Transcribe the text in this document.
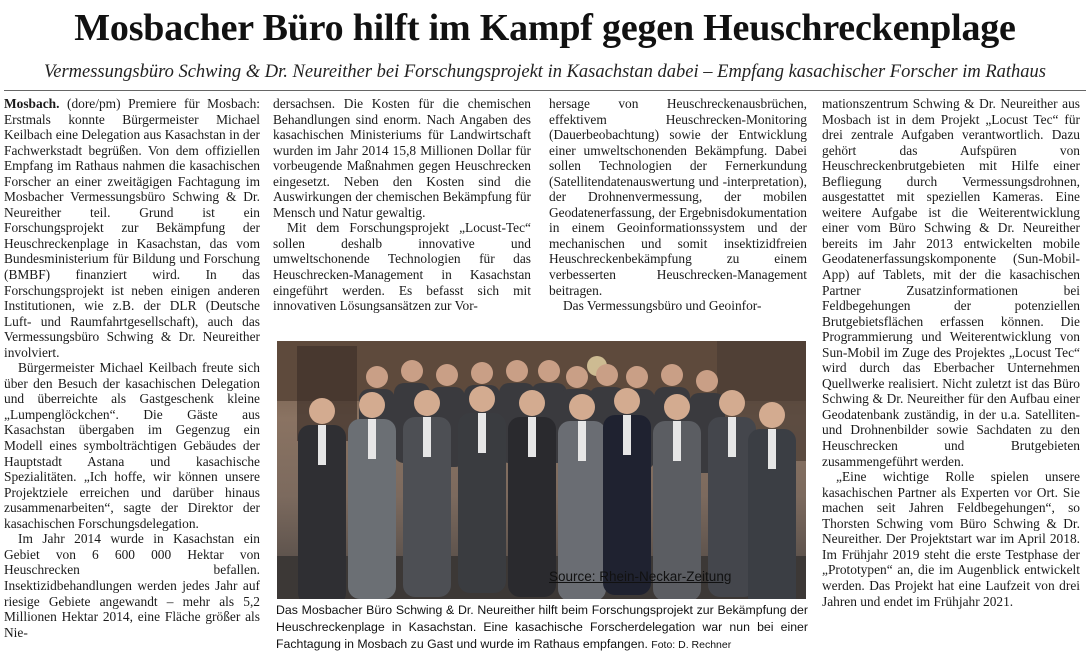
Mosbacher Büro hilft im Kampf gegen Heuschreckenplage
Vermessungsbüro Schwing & Dr. Neureither bei Forschungsprojekt in Kasachstan dabei – Empfang kasachischer Forscher im Rathaus

Mosbach. (dore/pm) Premiere für Mosbach: Erstmals konnte Bürgermeister Michael Keilbach eine Delegation aus Kasachstan in der Fachwerkstadt begrüßen. Von dem offiziellen Empfang im Rathaus nahmen die kasachischen Forscher an einer zweitägigen Fachtagung im Mosbacher Vermessungsbüro Schwing & Dr. Neureither teil. Grund ist ein Forschungsprojekt zur Bekämpfung der Heuschreckenplage in Kasachstan, das vom Bundesministerium für Bildung und Forschung (BMBF) finanziert wird. In das Forschungsprojekt ist neben einigen anderen Institutionen, wie z.B. der DLR (Deutsche Luft- und Raumfahrtgesellschaft), auch das Vermessungsbüro Schwing & Dr. Neureither involviert.

Bürgermeister Michael Keilbach freute sich über den Besuch der kasachischen Delegation und überreichte als Gastgeschenk kleine „Lumpenglöckchen“. Die Gäste aus Kasachstan übergaben im Gegenzug ein Modell eines symbolträchtigen Gebäudes der Hauptstadt Astana und kasachische Spezialitäten. „Ich hoffe, wir können unsere Projektziele erreichen und darüber hinaus zusammenarbeiten“, sagte der Direktor der kasachischen Forschungsdelegation.

Im Jahr 2014 wurde in Kasachstan ein Gebiet von 6 600 000 Hektar von Heuschrecken befallen. Insektizidbehandlungen werden jedes Jahr auf riesige Gebiete angewandt – mehr als 5,2 Millionen Hektar 2014, eine Fläche größer als Nie-

dersachsen. Die Kosten für die chemischen Behandlungen sind enorm. Nach Angaben des kasachischen Ministeriums für Landwirtschaft wurden im Jahr 2014 15,8 Millionen Dollar für vorbeugende Maßnahmen gegen Heuschrecken eingesetzt. Neben den Kosten sind die Auswirkungen der chemischen Bekämpfung für Mensch und Natur gewaltig.

Mit dem Forschungsprojekt „Locust-Tec“ sollen deshalb innovative und umweltschonende Technologien für das Heuschrecken-Management in Kasachstan eingeführt werden. Es befasst sich mit innovativen Lösungsansätzen zur Vor-

hersage von Heuschreckenausbrüchen, effektivem Heuschrecken-Monitoring (Dauerbeobachtung) sowie der Entwicklung einer umweltschonenden Bekämpfung. Dabei sollen Technologien der Fernerkundung (Satellitendatenauswertung und -interpretation), der Drohnenvermessung, der mobilen Geodatenerfassung, der Ergebnisdokumentation in einem Geoinformationssystem und der mechanischen und somit insektizidfreien Heuschreckenbekämpfung zu einem verbesserten Heuschrecken-Management beitragen.

Das Vermessungsbüro und Geoinfor-

mationszentrum Schwing & Dr. Neureither aus Mosbach ist in dem Projekt „Locust Tec“ für drei zentrale Aufgaben verantwortlich. Dazu gehört das Aufspüren von Heuschreckenbrutgebieten mit Hilfe einer Befliegung durch Vermessungsdrohnen, ausgestattet mit speziellen Kameras. Eine weitere Aufgabe ist die Weiterentwicklung einer vom Büro Schwing & Dr. Neureither bereits im Jahr 2013 entwickelten mobile Geodatenerfassungskomponente (Sun-Mobil-App) auf Tablets, mit der die kasachischen Partner Zusatzinformationen bei Feldbegehungen der potenziellen Brutgebietsflächen erfassen können. Die Programmierung und Weiterentwicklung von Sun-Mobil im Zuge des Projektes „Locust Tec“ wird durch das Eberbacher Unternehmen Quellwerke realisiert. Nicht zuletzt ist das Büro Schwing & Dr. Neureither für den Aufbau einer Geodatenbank zuständig, in der u.a. Satelliten- und Drohnenbilder sowie Sachdaten zu den Heuschrecken und Brutgebieten zusammengeführt werden.

„Eine wichtige Rolle spielen unsere kasachischen Partner als Experten vor Ort. Sie machen seit Jahren Feldbegehungen“, so Thorsten Schwing vom Büro Schwing & Dr. Neureither. Der Projektstart war im April 2018. Im Frühjahr 2019 steht die erste Testphase der „Prototypen“ an, die im Augenblick entwickelt werden. Das Projekt hat eine Laufzeit von drei Jahren und endet im Frühjahr 2021.

Source: Rhein-Neckar-Zeitung
Das Mosbacher Büro Schwing & Dr. Neureither hilft beim Forschungsprojekt zur Bekämpfung der Heuschreckenplage in Kasachstan. Eine kasachische Forscherdelegation war nun bei einer Fachtagung in Mosbach zu Gast und wurde im Rathaus empfangen. Foto: D. Rechner
